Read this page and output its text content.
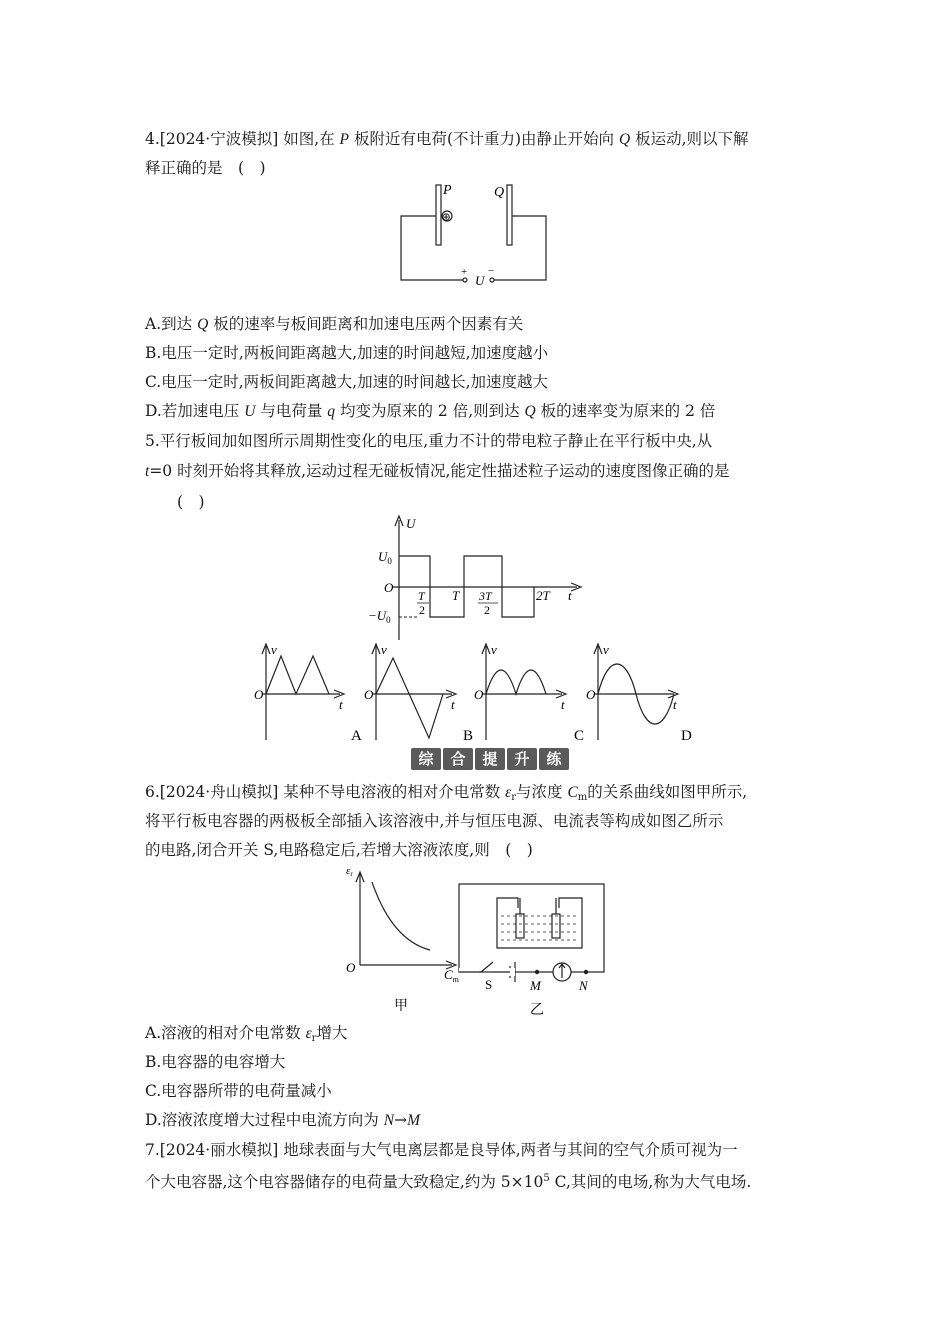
4.[2024·宁波模拟] 如图,在 P 板附近有电荷(不计重力)由静止开始向 Q 板运动,则以下解
释正确的是　(　)
⊕
P	Q
+ −
U
A.到达 Q 板的速率与板间距离和加速电压两个因素有关
B.电压一定时,两板间距离越大,加速的时间越短,加速度越小
C.电压一定时,两板间距离越大,加速的时间越长,加速度越大
D.若加速电压 U 与电荷量 q 均变为原来的 2 倍,则到达 Q 板的速率变为原来的 2 倍
5.平行板间加如图所示周期性变化的电压,重力不计的带电粒子静止在平行板中央,从
t=0 时刻开始将其释放,运动过程无碰板情况,能定性描述粒子运动的速度图像正确的是
(　)
U
$U_0$
O
$-U_0$
T
2
T 3T
2
2T t
v
O
t
v
O
t
v
O
t
v
O
t
A	B	C	D
综	合	提	升	练
6.[2024·舟山模拟] 某种不导电溶液的相对介电常数 $\varepsilon_r$与浓度 $C_m$的关系曲线如图甲所示,
将平行板电容器的两极板全部插入该溶液中,并与恒压电源、电流表等构成如图乙所示
的电路,闭合开关 S,电路稳定后,若增大溶液浓度,则　(　)
εr
O	$C_m$
甲
S	M	N
乙
A.溶液的相对介电常数 $\varepsilon_r$增大
B.电容器的电容增大
C.电容器所带的电荷量减小
D.溶液浓度增大过程中电流方向为 N→M
7.[2024·丽水模拟] 地球表面与大气电离层都是良导体,两者与其间的空气介质可视为一
个大电容器,这个电容器储存的电荷量大致稳定,约为 $5\times 10^5$ C,其间的电场,称为大气电场.
